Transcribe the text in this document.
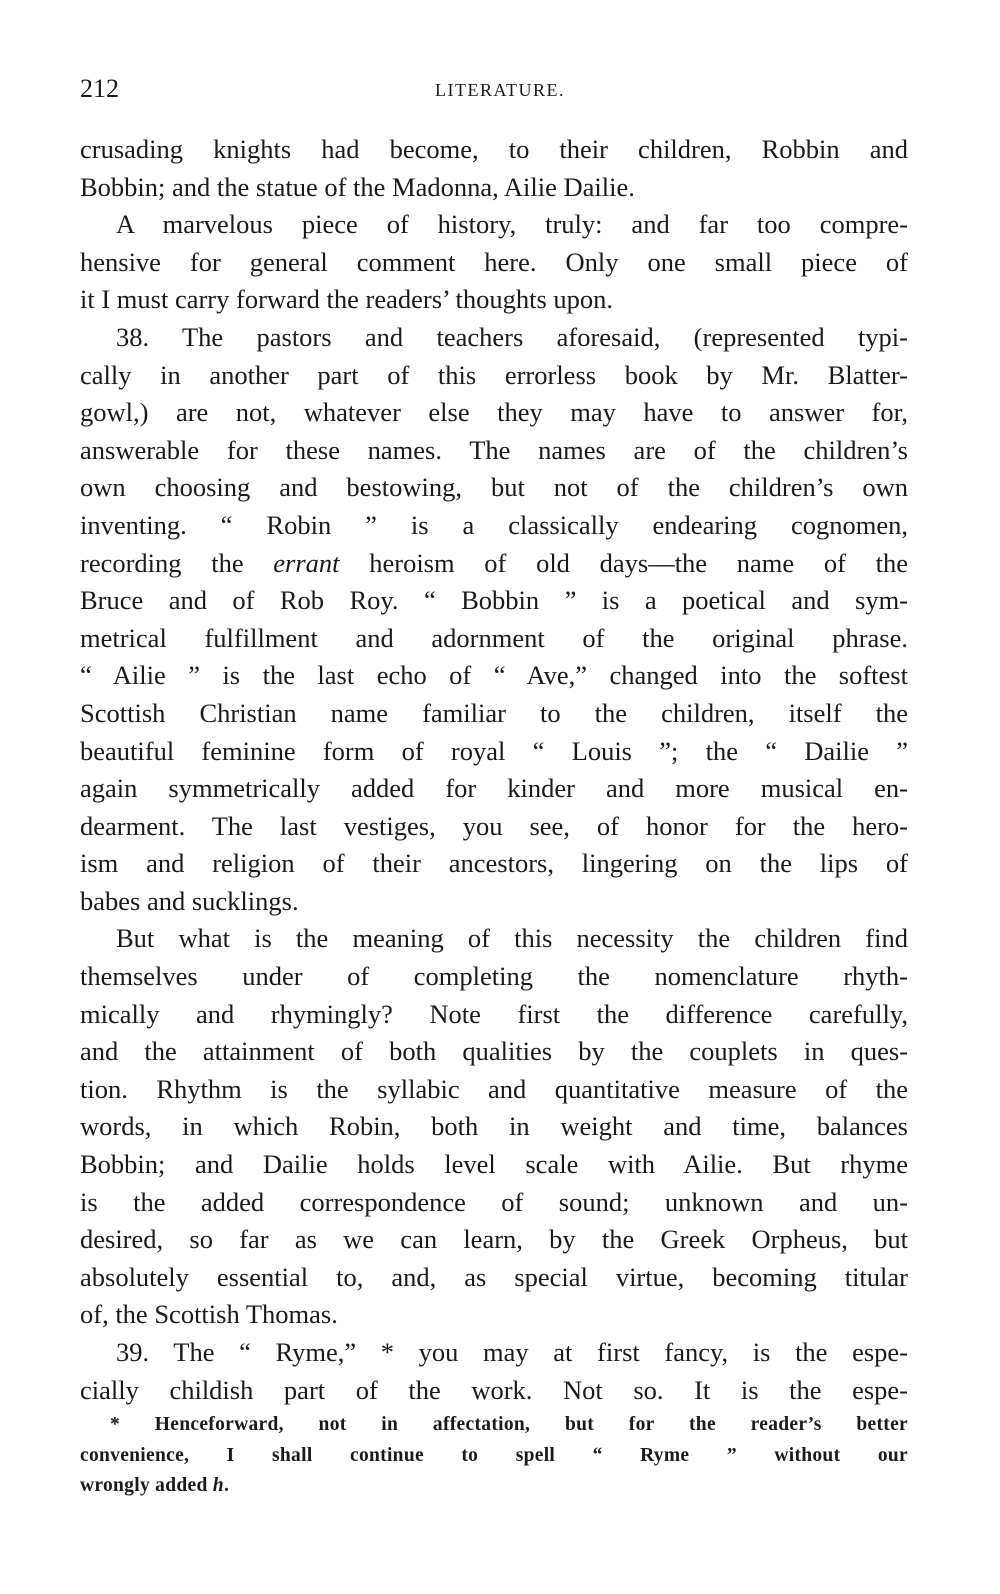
212	LITERATURE.
crusading knights had become, to their children, Robbin and
Bobbin; and the statue of the Madonna, Ailie Dailie.
A marvelous piece of history, truly: and far too compre-
hensive for general comment here. Only one small piece of
it I must carry forward the readers’ thoughts upon.
38. The pastors and teachers aforesaid, (represented typi-
cally in another part of this errorless book by Mr. Blatter-
gowl,) are not, whatever else they may have to answer for,
answerable for these names. The names are of the children’s
own choosing and bestowing, but not of the children’s own
inventing. “ Robin ” is a classically endearing cognomen,
recording the errant heroism of old days—the name of the
Bruce and of Rob Roy. “ Bobbin ” is a poetical and sym-
metrical fulfillment and adornment of the original phrase.
“ Ailie ” is the last echo of “ Ave,” changed into the softest
Scottish Christian name familiar to the children, itself the
beautiful feminine form of royal “ Louis ”; the “ Dailie ”
again symmetrically added for kinder and more musical en-
dearment. The last vestiges, you see, of honor for the hero-
ism and religion of their ancestors, lingering on the lips of
babes and sucklings.
But what is the meaning of this necessity the children find
themselves under of completing the nomenclature rhyth-
mically and rhymingly? Note first the difference carefully,
and the attainment of both qualities by the couplets in ques-
tion. Rhythm is the syllabic and quantitative measure of the
words, in which Robin, both in weight and time, balances
Bobbin; and Dailie holds level scale with Ailie. But rhyme
is the added correspondence of sound; unknown and un-
desired, so far as we can learn, by the Greek Orpheus, but
absolutely essential to, and, as special virtue, becoming titular
of, the Scottish Thomas.
39. The “ Ryme,” * you may at first fancy, is the espe-
cially childish part of the work. Not so. It is the espe-
* Henceforward, not in affectation, but for the reader’s better
convenience, I shall continue to spell “ Ryme ” without our
wrongly added h.
